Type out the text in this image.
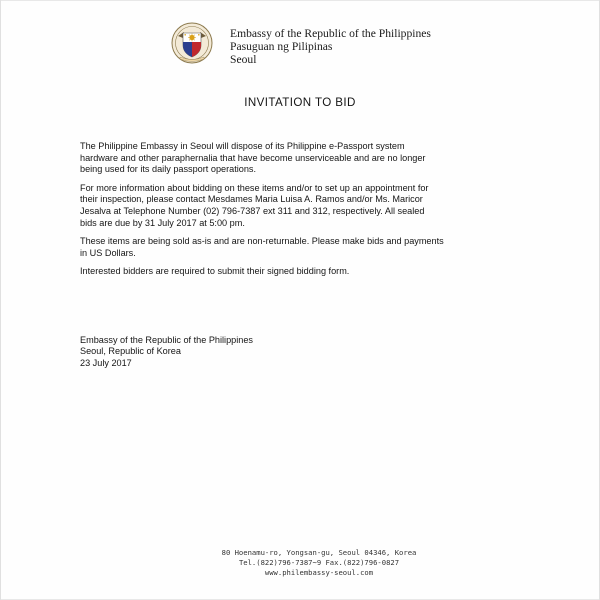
Embassy of the Republic of the Philippines
Pasuguan ng Pilipinas
Seoul
INVITATION TO BID

The Philippine Embassy in Seoul will dispose of its Philippine e-Passport system
hardware and other paraphernalia that have become unserviceable and are no longer
being used for its daily passport operations.

For more information about bidding on these items and/or to set up an appointment for
their inspection, please contact Mesdames Maria Luisa A. Ramos and/or Ms. Maricor
Jesalva at Telephone Number (02) 796-7387 ext 311 and 312, respectively. All sealed
bids are due by 31 July 2017 at 5:00 pm.

These items are being sold as-is and are non-returnable. Please make bids and payments
in US Dollars.

Interested bidders are required to submit their signed bidding form.

Embassy of the Republic of the Philippines
Seoul, Republic of Korea
23 July 2017
80 Hoenamu-ro, Yongsan-gu, Seoul 04346, Korea
Tel.(822)796-7387~9 Fax.(822)796-0827
www.philembassy-seoul.com
